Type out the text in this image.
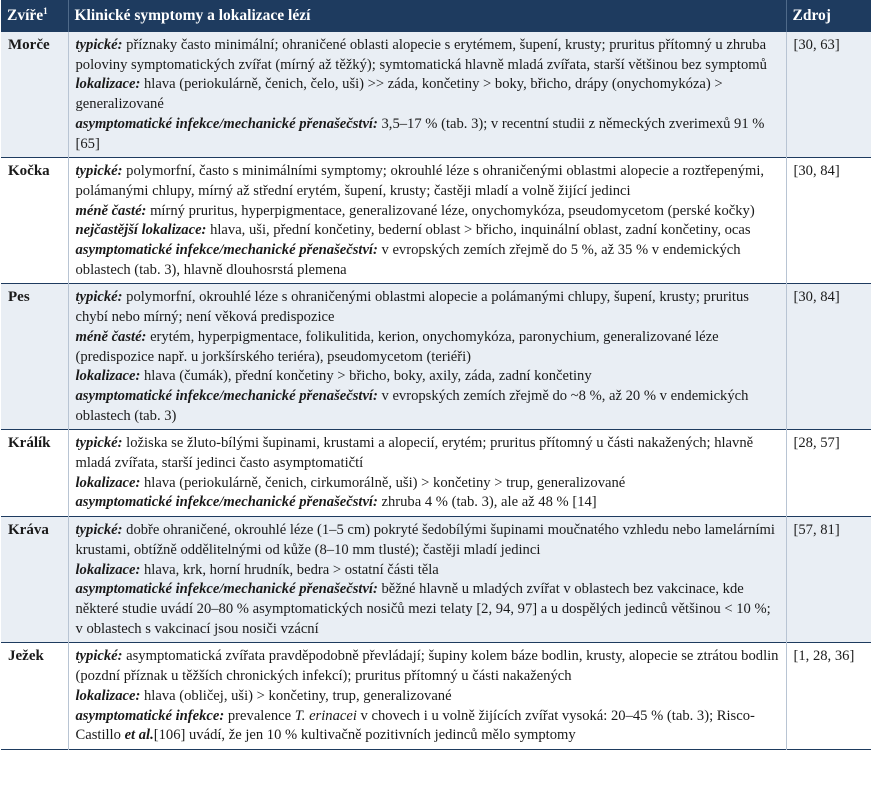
Zvíře$^1$	Klinické symptomy a lokalizace lézí	Zdroj
Morče	typické: příznaky často minimální; ohraničené oblasti alopecie s erytémem, šupení, krusty; pruritus přítomný u zhruba poloviny symptomatických zvířat (mírný až těžký); symtomatická hlavně mladá zvířata, starší většinou bez symptomů
lokalizace: hlava (periokulárně, čenich, čelo, uši) >> záda, končetiny > boky, břicho, drápy (onychomykóza) > generalizované
asymptomatické infekce/mechanické přenašečství: 3,5–17 % (tab. 3); v recentní studii z německých zverimexů 91 % [65]	[30, 63]
Kočka	typické: polymorfní, často s minimálními symptomy; okrouhlé léze s ohraničenými oblastmi alopecie a roztřepenými, polámanými chlupy, mírný až střední erytém, šupení, krusty; častěji mladí a volně žijící jedinci
méně časté: mírný pruritus, hyperpigmentace, generalizované léze, onychomykóza, pseudomycetom (perské kočky)
nejčastější lokalizace: hlava, uši, přední končetiny, bederní oblast > břicho, inquinální oblast, zadní končetiny, ocas
asymptomatické infekce/mechanické přenašečství: v evropských zemích zřejmě do 5 %, až 35 % v endemických oblastech (tab. 3), hlavně dlouhosrstá plemena	[30, 84]
Pes	typické: polymorfní, okrouhlé léze s ohraničenými oblastmi alopecie a polámanými chlupy, šupení, krusty; pruritus chybí nebo mírný; není věková predispozice
méně časté: erytém, hyperpigmentace, folikulitida, kerion, onychomykóza, paronychium, generalizované léze (predispozice např. u jorkšírského teriéra), pseudomycetom (teriéři)
lokalizace: hlava (čumák), přední končetiny > břicho, boky, axily, záda, zadní končetiny
asymptomatické infekce/mechanické přenašečství: v evropských zemích zřejmě do ~8 %, až 20 % v endemických oblastech (tab. 3)	[30, 84]
Králík	typické: ložiska se žluto-bílými šupinami, krustami a alopecií, erytém; pruritus přítomný u části nakažených; hlavně mladá zvířata, starší jedinci často asymptomatičtí
lokalizace: hlava (periokulárně, čenich, cirkumorálně, uši) > končetiny > trup, generalizované
asymptomatické infekce/mechanické přenašečství: zhruba 4 % (tab. 3), ale až 48 % [14]	[28, 57]
Kráva	typické: dobře ohraničené, okrouhlé léze (1–5 cm) pokryté šedobílými šupinami moučnatého vzhledu nebo lamelárními krustami, obtížně oddělitelnými od kůže (8–10 mm tlusté); častěji mladí jedinci
lokalizace: hlava, krk, horní hrudník, bedra > ostatní části těla
asymptomatické infekce/mechanické přenašečství: běžné hlavně u mladých zvířat v oblastech bez vakcinace, kde některé studie uvádí 20–80 % asymptomatických nosičů mezi telaty [2, 94, 97] a u dospělých jedinců většinou < 10 %; v oblastech s vakcinací jsou nosiči vzácní	[57, 81]
Ježek	typické: asymptomatická zvířata pravděpodobně převládají; šupiny kolem báze bodlin, krusty, alopecie se ztrátou bodlin (pozdní příznak u těžších chronických infekcí); pruritus přítomný u části nakažených
lokalizace: hlava (obličej, uši) > končetiny, trup, generalizované
asymptomatické infekce: prevalence T. erinacei v chovech i u volně žijících zvířat vysoká: 20–45 % (tab. 3); Risco-Castillo et al.[106] uvádí, že jen 10 % kultivačně pozitivních jedinců mělo symptomy	[1, 28, 36]
